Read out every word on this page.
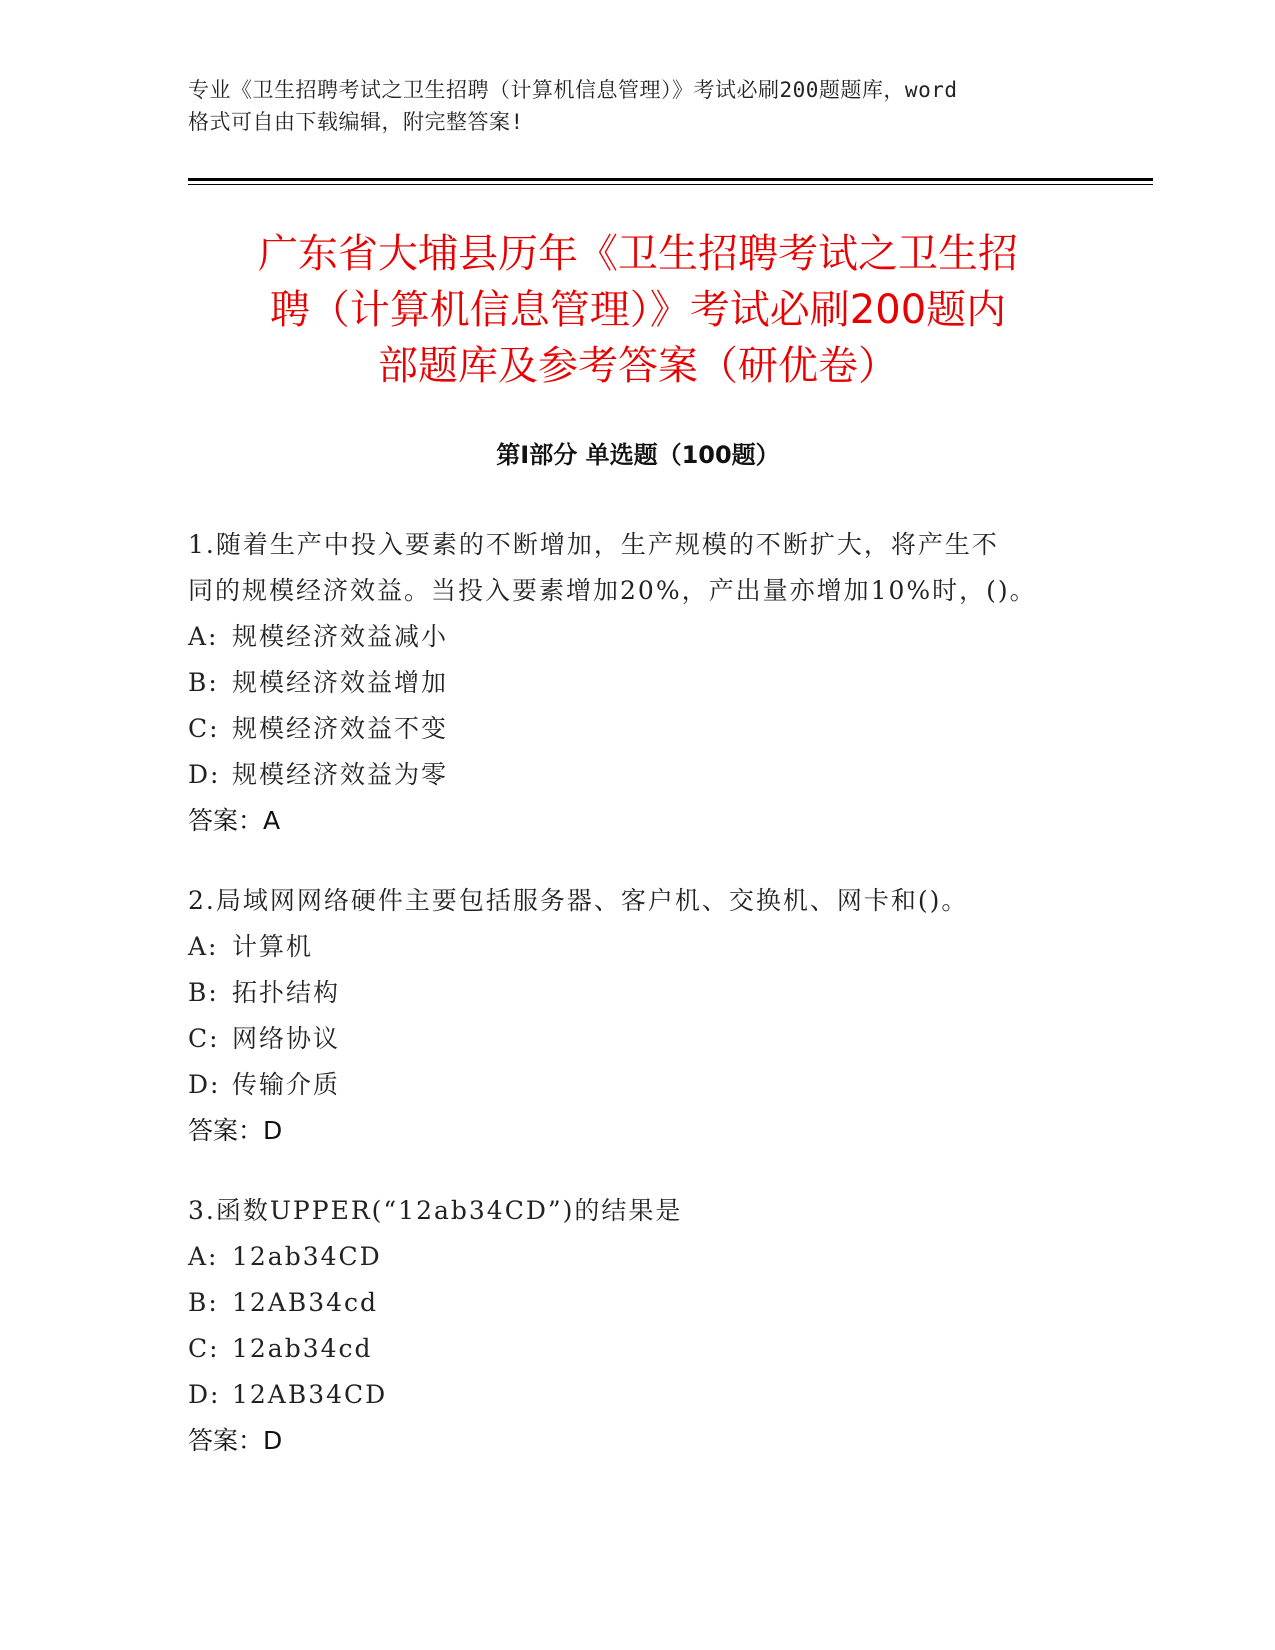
专业《卫生招聘考试之卫生招聘（计算机信息管理）》考试必刷200题题库，word
格式可自由下载编辑，附完整答案!
广东省大埔县历年《卫生招聘考试之卫生招
聘（计算机信息管理）》考试必刷200题内
部题库及参考答案（研优卷）
第Ⅰ部分 单选题（100题）

1.随着生产中投入要素的不断增加，生产规模的不断扩大，将产生不
同的规模经济效益。当投入要素增加20%，产出量亦增加10%时，()。

A: 规模经济效益减小
B: 规模经济效益增加
C: 规模经济效益不变
D: 规模经济效益为零
答案：A

2.局域网网络硬件主要包括服务器、客户机、交换机、网卡和()。

A: 计算机
B: 拓扑结构
C: 网络协议
D: 传输介质
答案：D

3.函数UPPER(“12ab34CD”)的结果是

A: 12ab34CD
B: 12AB34cd
C: 12ab34cd
D: 12AB34CD
答案：D
